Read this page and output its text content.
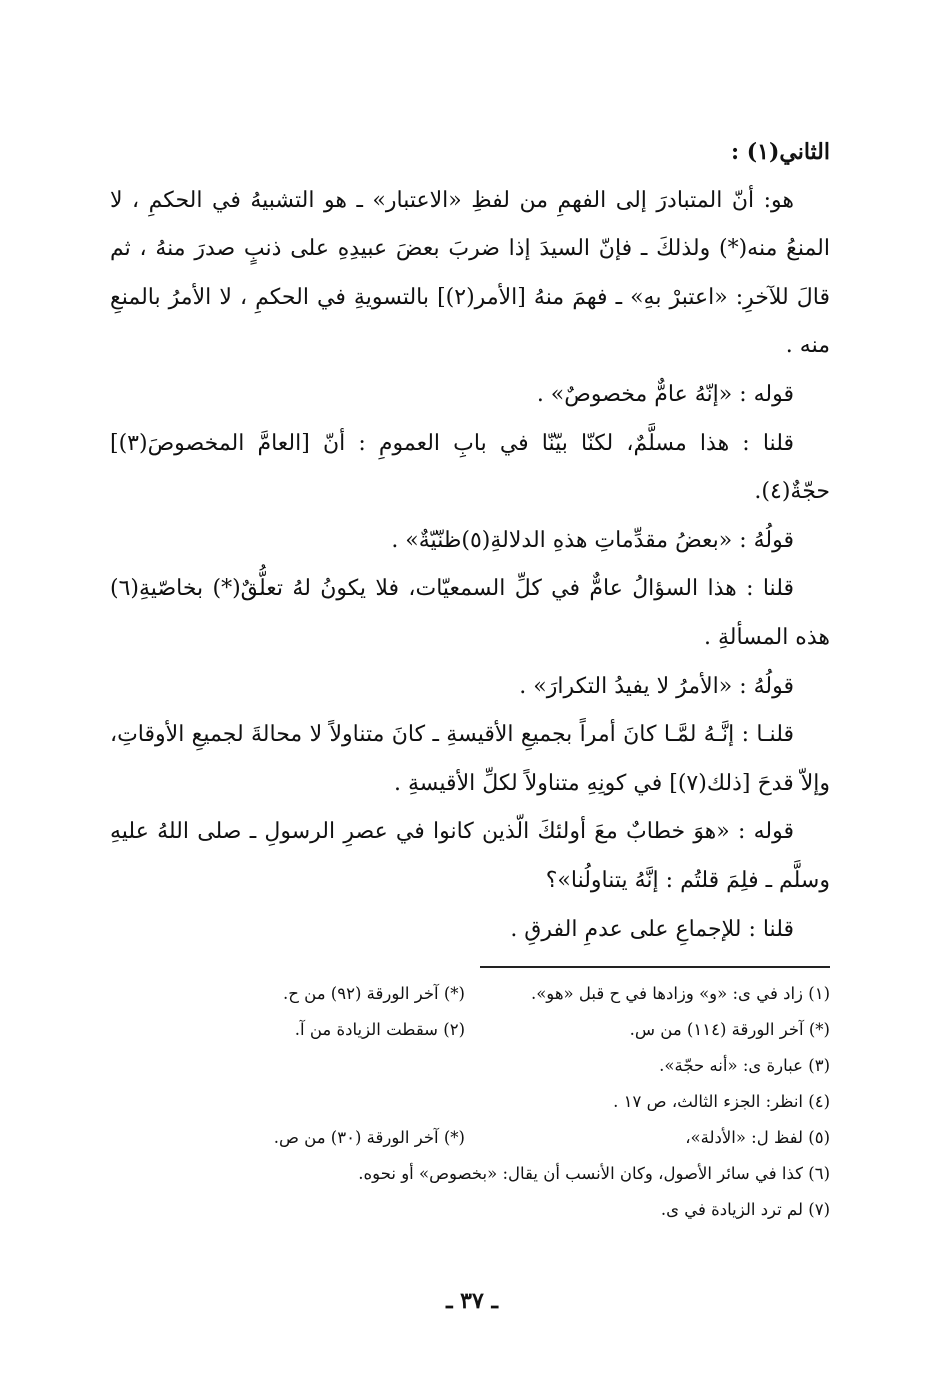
الثاني(١) :

هو: أنّ المتبادرَ إلى الفهمِ من لفظِ «الاعتبار» ـ هو التشبيهُ في الحكمِ ، لا المنعُ منه(*) ولذلكَ ـ فإنّ السيدَ إذا ضربَ بعضَ عبيدِهِ على ذنبٍ صدرَ منهُ ، ثم قالَ للآخرِ: «اعتبرْ بهِ» ـ فهمَ منهُ [الأمر(٢)] بالتسويةِ في الحكمِ ، لا الأمرُ بالمنعِ منه .

قوله : «إنّهُ عامٌّ مخصوصٌ» .

قلنا : هذا مسلَّمٌ، لكنّا بيّنّا في بابِ العمومِ : أنّ [العامَّ المخصوصَ(٣)] حجّةٌ(٤).

قولُهُ : «بعضُ مقدِّماتِ هذهِ الدلالةِ(٥)ظنّيّةٌ» .

قلنا : هذا السؤالُ عامٌّ في كلِّ السمعيّات، فلا يكونُ لهُ تعلُّقٌ(*) بخاصّيةِ(٦) هذه المسألةِ .

قولُهُ : «الأمرُ لا يفيدُ التكرارَ» .

قلنـا : إنَّـهُ لمَّـا كانَ أمراً بجميعِ الأقيسةِ ـ كانَ متناولاً لا محالةَ لجميعِ الأوقاتِ، وإلاّ قدحَ [ذلك(٧)] في كونِهِ متناولاً لكلِّ الأقيسةِ .

قوله : «هوَ خطابٌ معَ أولئكَ الّذين كانوا في عصرِ الرسولِ ـ صلى اللهُ عليهِ وسلَّم ـ فلِمَ قلتُم : إنَّهُ يتناولُنا»؟

قلنا : للإجماعِ على عدمِ الفرقِ .

(١) زاد في ى: «و» وزادها في ح قبل «هو».
(*) آخر الورقة (٩٢) من ح.
(*) آخر الورقة (١١٤) من س.
(٢) سقطت الزيادة من آ.
(٣) عبارة ى: «أنه حجّة».
(٤) انظر: الجزء الثالث، ص ١٧ .
(٥) لفظ ل: «الأدلة»،
(*) آخر الورقة (٣٠) من ص.
(٦) كذا في سائر الأصول، وكان الأنسب أن يقال: «بخصوص» أو نحوه.
(٧) لم ترد الزيادة في ى.
ـ ٣٧ ـ
